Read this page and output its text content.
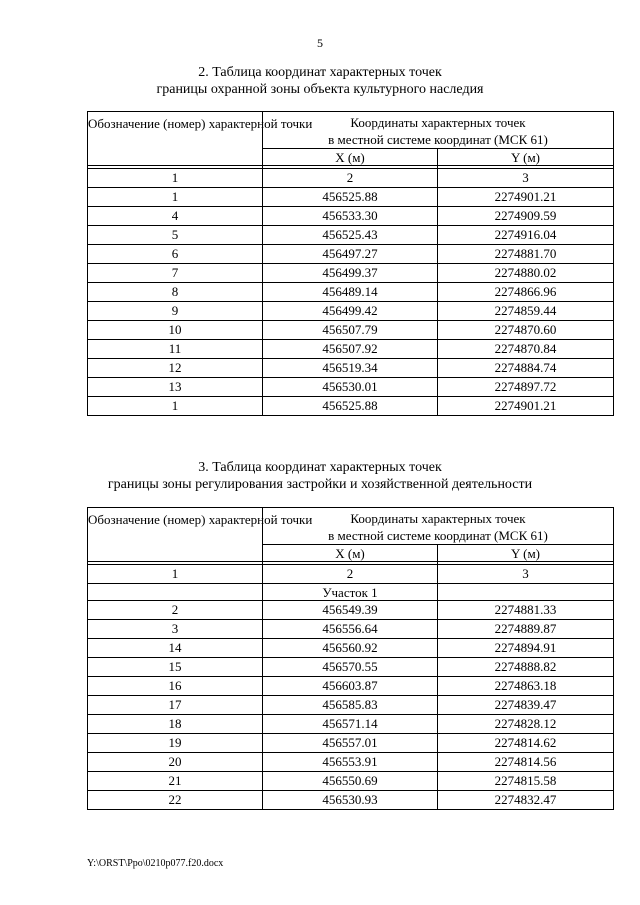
5
2. Таблица координат характерных точек
границы охранной зоны объекта культурного наследия
Обозначение (номер) характерной точки	Координаты характерных точек
в местной системе координат (МСК 61)	

	X (м)	Y (м)

1	2	3
1	456525.88	2274901.21
4	456533.30	2274909.59
5	456525.43	2274916.04
6	456497.27	2274881.70
7	456499.37	2274880.02
8	456489.14	2274866.96
9	456499.42	2274859.44
10	456507.79	2274870.60
11	456507.92	2274870.84
12	456519.34	2274884.74
13	456530.01	2274897.72
1	456525.88	2274901.21
3. Таблица координат характерных точек
границы зоны регулирования застройки и хозяйственной деятельности
Обозначение (номер) характерной точки	Координаты характерных точек
в местной системе координат (МСК 61)	

	X (м)	Y (м)

1	2	3
	Участок 1	
2	456549.39	2274881.33
3	456556.64	2274889.87
14	456560.92	2274894.91
15	456570.55	2274888.82
16	456603.87	2274863.18
17	456585.83	2274839.47
18	456571.14	2274828.12
19	456557.01	2274814.62
20	456553.91	2274814.56
21	456550.69	2274815.58
22	456530.93	2274832.47
Y:\ORST\Ppo\0210p077.f20.docx
